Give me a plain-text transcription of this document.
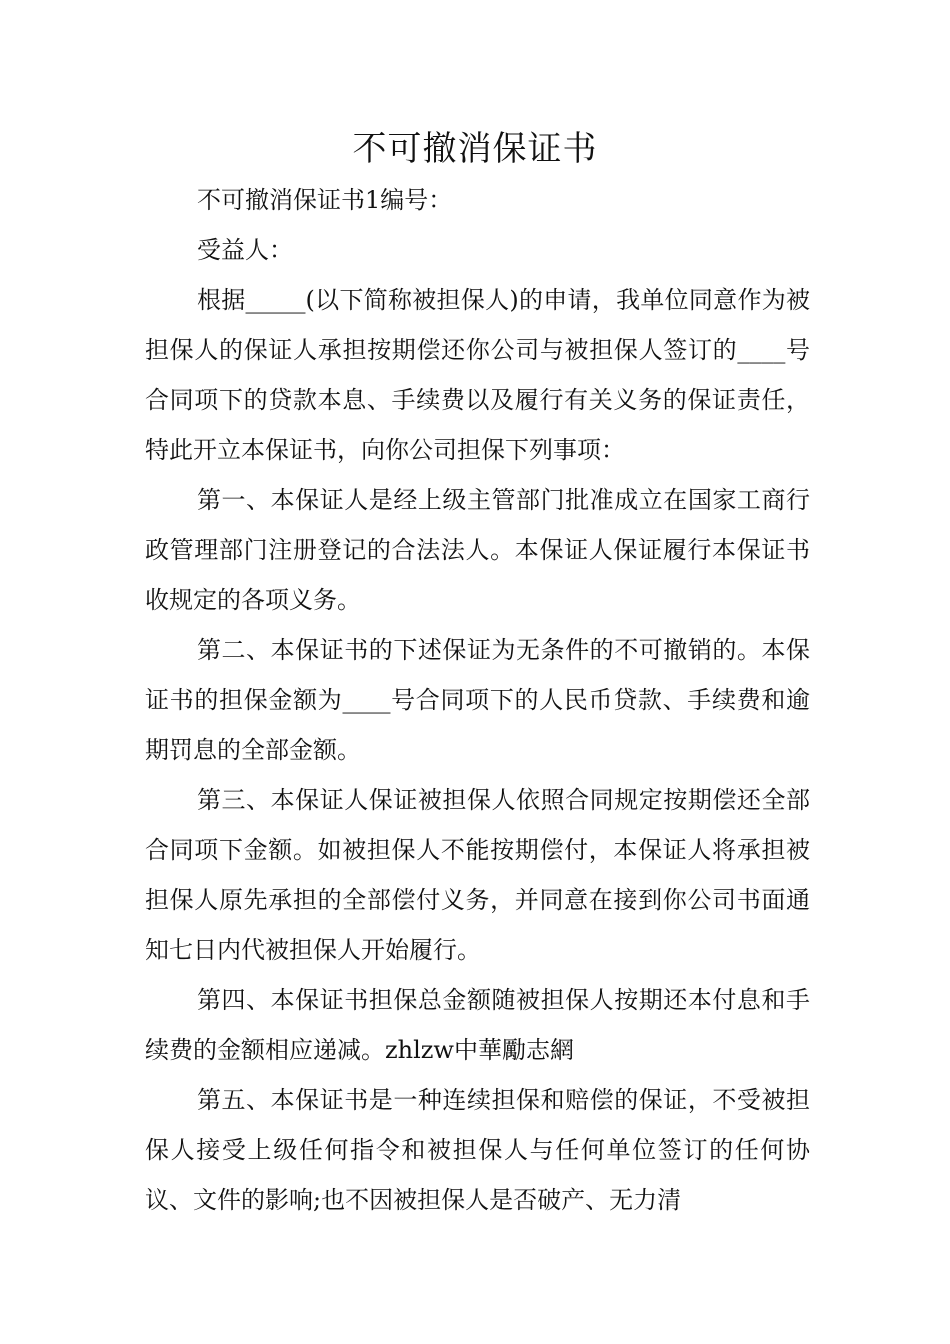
不可撤消保证书

不可撤消保证书1编号：

受益人：

根据_____(以下简称被担保人)的申请，我单位同意作为被担保人的保证人承担按期偿还你公司与被担保人签订的____号合同项下的贷款本息、手续费以及履行有关义务的保证责任，特此开立本保证书，向你公司担保下列事项：

第一、本保证人是经上级主管部门批准成立在国家工商行政管理部门注册登记的合法法人。本保证人保证履行本保证书收规定的各项义务。

第二、本保证书的下述保证为无条件的不可撤销的。本保证书的担保金额为____号合同项下的人民币贷款、手续费和逾期罚息的全部金额。

第三、本保证人保证被担保人依照合同规定按期偿还全部合同项下金额。如被担保人不能按期偿付，本保证人将承担被担保人原先承担的全部偿付义务，并同意在接到你公司书面通知七日内代被担保人开始履行。

第四、本保证书担保总金额随被担保人按期还本付息和手续费的金额相应递减。zhlzw中華勵志網

第五、本保证书是一种连续担保和赔偿的保证，不受被担保人接受上级任何指令和被担保人与任何单位签订的任何协议、文件的影响;也不因被担保人是否破产、无力清
